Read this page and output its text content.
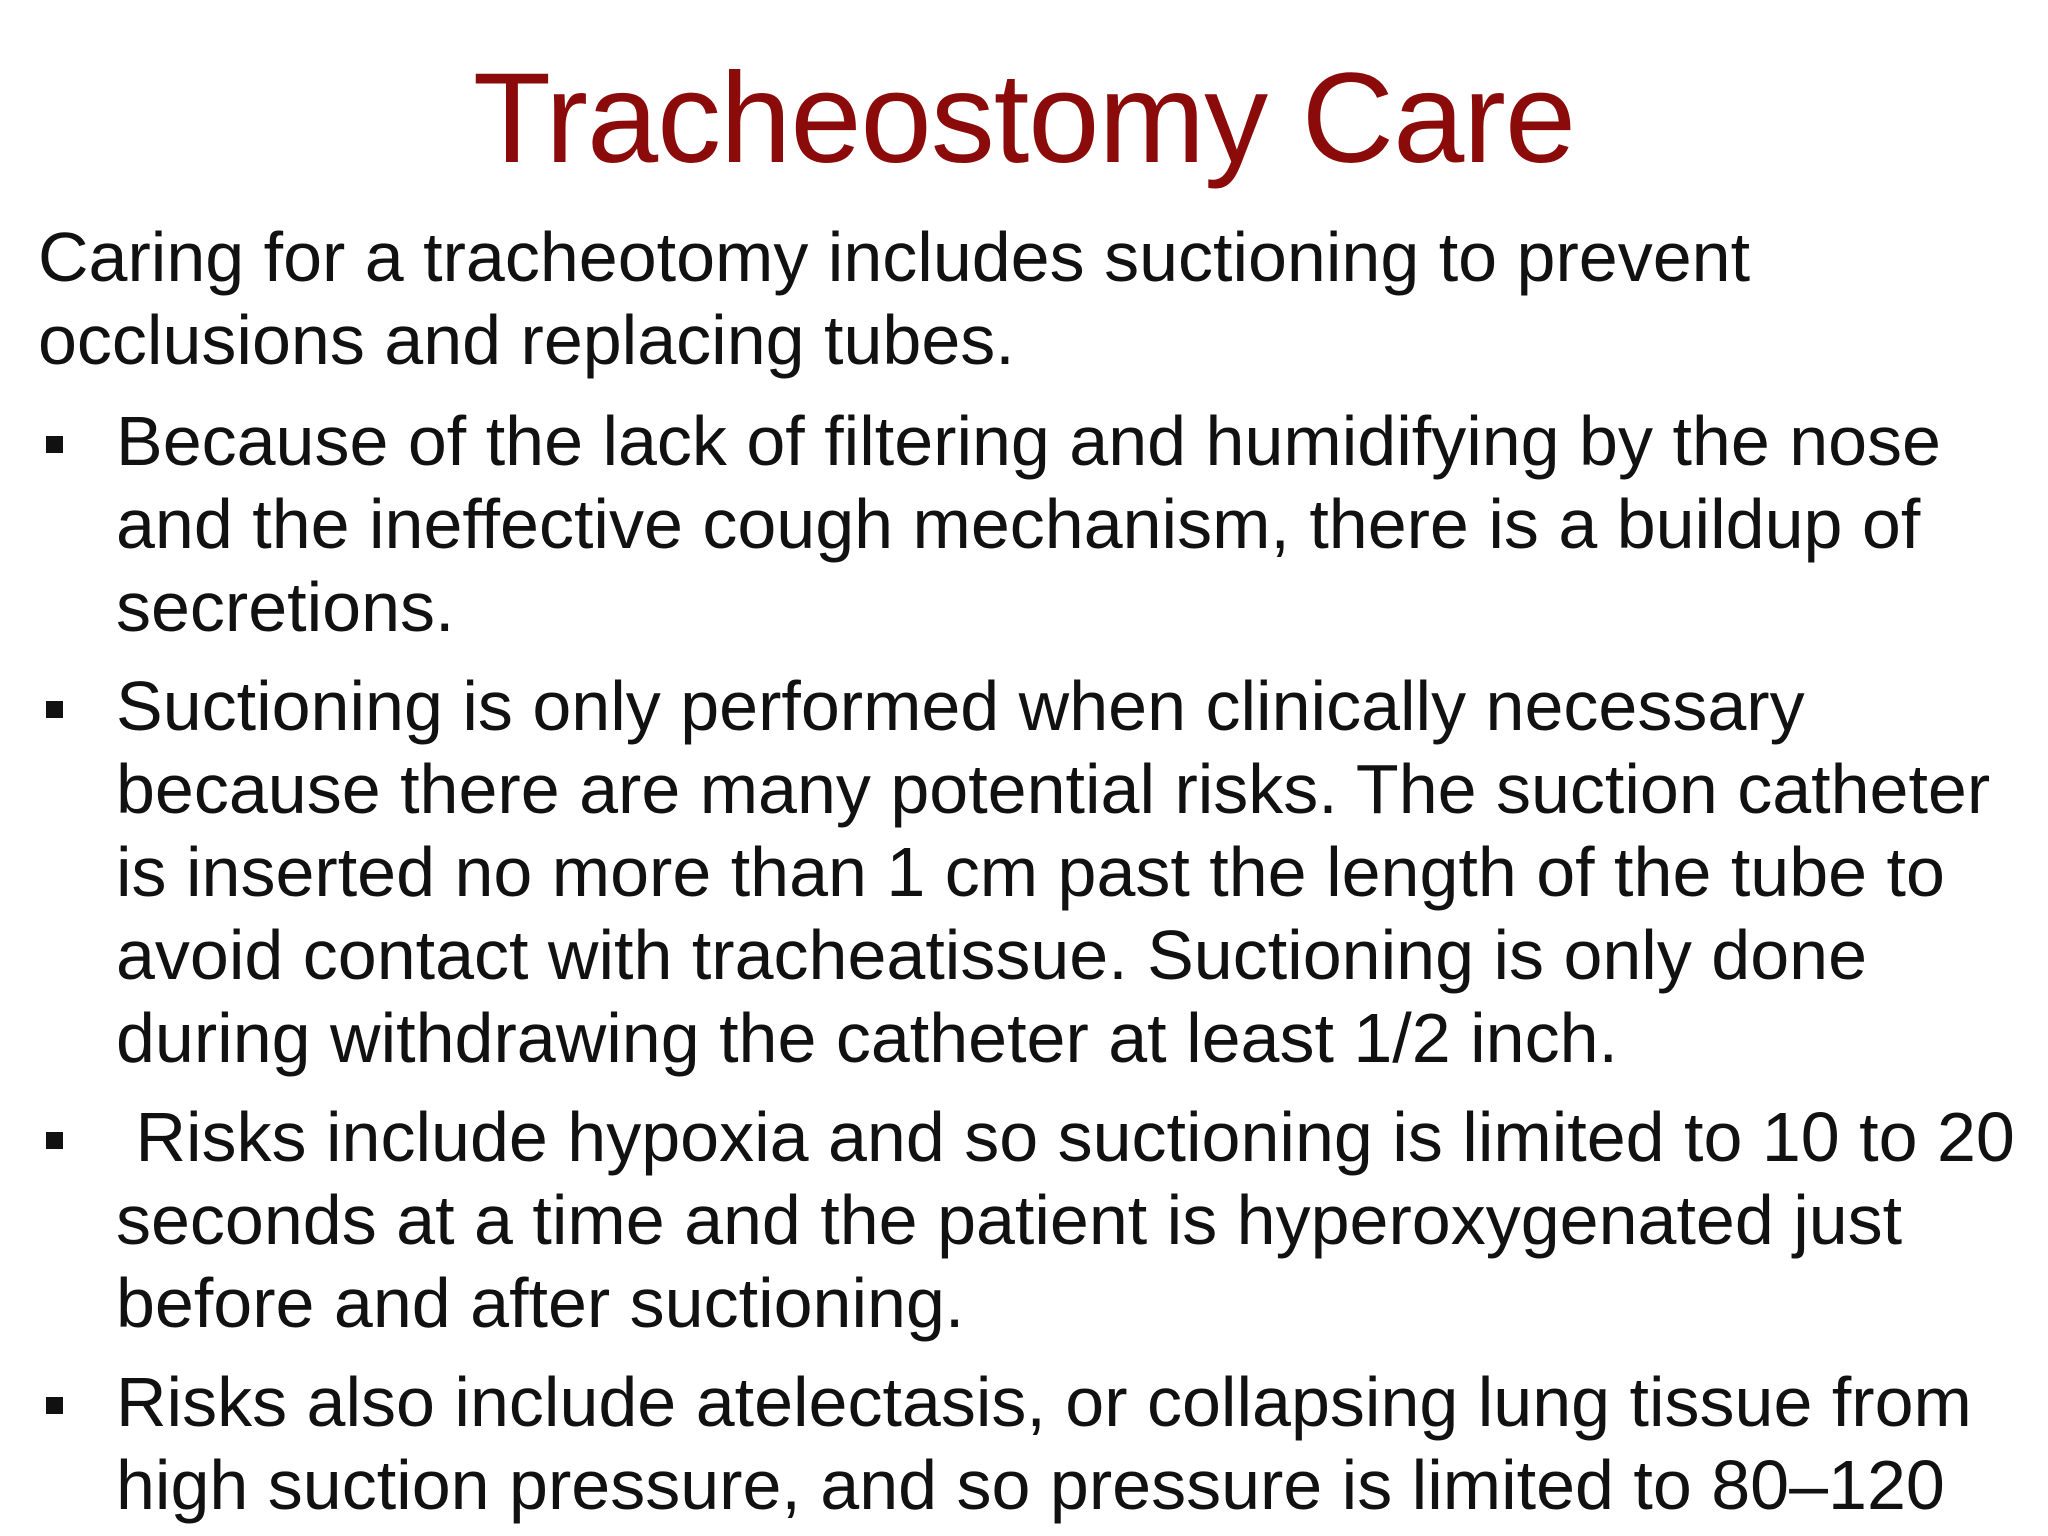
Tracheostomy Care

Caring for a tracheotomy includes suctioning to prevent occlusions and replacing tubes.

Because of the lack of filtering and humidifying by the nose and the ineffective cough mechanism, there is a buildup of secretions.
Suctioning is only performed when clinically necessary because there are many potential risks. The suction catheter is inserted no more than 1 cm past the length of the tube to avoid contact with tracheatissue. Suctioning is only done during withdrawing the catheter at least 1/2 inch.
Risks include hypoxia and so suctioning is limited to 10 to 20 seconds at a time and the patient is hyperoxygenated just before and after suctioning.
Risks also include atelectasis, or collapsing lung tissue from high suction pressure, and so pressure is limited to 80–120
